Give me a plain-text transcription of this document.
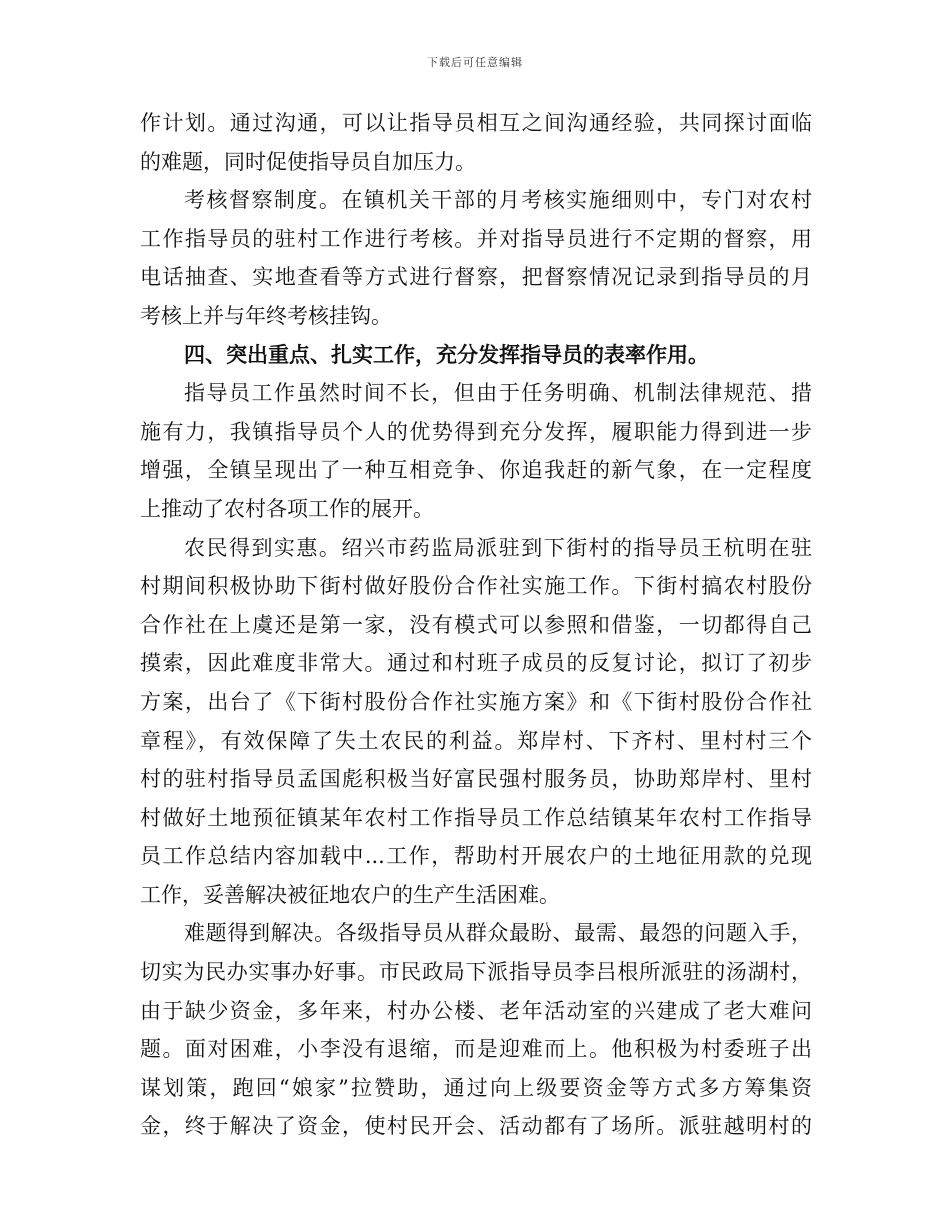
下载后可任意编辑
作计划。通过沟通，可以让指导员相互之间沟通经验，共同探讨面临
的难题，同时促使指导员自加压力。
考核督察制度。在镇机关干部的月考核实施细则中，专门对农村
工作指导员的驻村工作进行考核。并对指导员进行不定期的督察，用
电话抽查、实地查看等方式进行督察，把督察情况记录到指导员的月
考核上并与年终考核挂钩。
四、突出重点、扎实工作，充分发挥指导员的表率作用。
指导员工作虽然时间不长，但由于任务明确、机制法律规范、措
施有力，我镇指导员个人的优势得到充分发挥，履职能力得到进一步
增强，全镇呈现出了一种互相竞争、你追我赶的新气象，在一定程度
上推动了农村各项工作的展开。
农民得到实惠。绍兴市药监局派驻到下街村的指导员王杭明在驻
村期间积极协助下街村做好股份合作社实施工作。下街村搞农村股份
合作社在上虞还是第一家，没有模式可以参照和借鉴，一切都得自己
摸索，因此难度非常大。通过和村班子成员的反复讨论，拟订了初步
方案，出台了《下街村股份合作社实施方案》和《下街村股份合作社
章程》，有效保障了失土农民的利益。郑岸村、下齐村、里村村三个
村的驻村指导员孟国彪积极当好富民强村服务员，协助郑岸村、里村
村做好土地预征镇某年农村工作指导员工作总结镇某年农村工作指导
员工作总结内容加载中...工作，帮助村开展农户的土地征用款的兑现
工作，妥善解决被征地农户的生产生活困难。
难题得到解决。各级指导员从群众最盼、最需、最怨的问题入手，
切实为民办实事办好事。市民政局下派指导员李吕根所派驻的汤湖村，
由于缺少资金，多年来，村办公楼、老年活动室的兴建成了老大难问
题。面对困难，小李没有退缩，而是迎难而上。他积极为村委班子出
谋划策，跑回“娘家”拉赞助，通过向上级要资金等方式多方筹集资
金，终于解决了资金，使村民开会、活动都有了场所。派驻越明村的
